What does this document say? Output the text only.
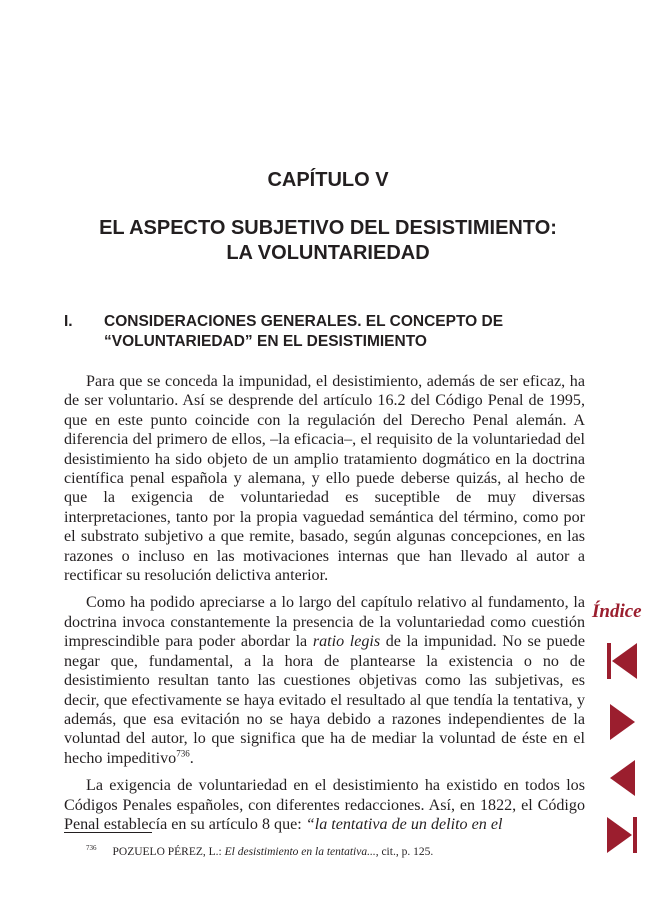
CAPÍTULO V
EL ASPECTO SUBJETIVO DEL DESISTIMIENTO:
LA VOLUNTARIEDAD
I.	CONSIDERACIONES GENERALES. EL CONCEPTO DE
“VOLUNTARIEDAD” EN EL DESISTIMIENTO

Para que se conceda la impunidad, el desistimiento, además de ser eficaz, ha de ser voluntario. Así se desprende del artículo 16.2 del Código Penal de 1995, que en este punto coincide con la regulación del Derecho Penal alemán. A diferencia del primero de ellos, –la eficacia–, el requisito de la voluntariedad del desistimiento ha sido objeto de un amplio tratamiento dogmático en la doctrina científica penal española y alemana, y ello puede deberse quizás, al hecho de que la exigencia de voluntariedad es suceptible de muy diversas interpretaciones, tanto por la propia vaguedad semántica del término, como por el substrato subjetivo a que remite, basado, según algunas concepciones, en las razones o incluso en las motivaciones internas que han llevado al autor a rectificar su resolución delictiva anterior.

Como ha podido apreciarse a lo largo del capítulo relativo al fundamento, la doctrina invoca constantemente la presencia de la voluntariedad como cuestión imprescindible para poder abordar la ratio legis de la impunidad. No se puede negar que, fundamental, a la hora de plantearse la existencia o no de desistimiento resultan tanto las cuestiones objetivas como las subjetivas, es decir, que efectivamente se haya evitado el resultado al que tendía la tentativa, y además, que esa evitación no se haya debido a razones independientes de la voluntad del autor, lo que significa que ha de mediar la voluntad de éste en el hecho impeditivo$^{736}$.

La exigencia de voluntariedad en el desistimiento ha existido en todos los Códigos Penales españoles, con diferentes redacciones. Así, en 1822, el Código Penal establecía en su artículo 8 que: “la tentativa de un delito en el

$^{736}$ POZUELO PÉREZ, L.: El desistimiento en la tentativa..., cit., p. 125.
Índice
